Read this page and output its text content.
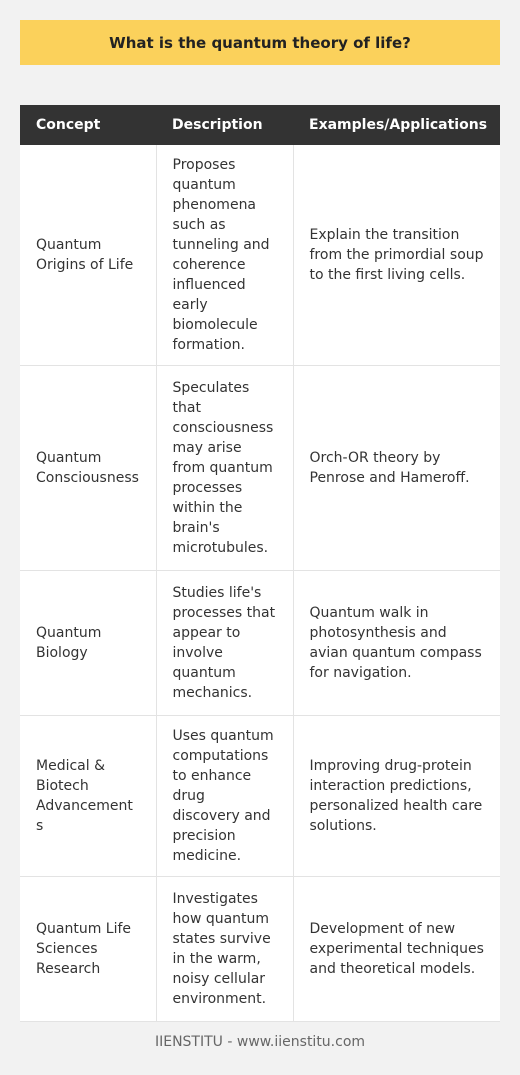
What is the quantum theory of life?
Concept	Description	Examples/Applications
Quantum Origins of Life	Proposes quantum phenomena such as tunneling and coherence influenced early biomolecule formation.	Explain the transition from the primordial soup to the first living cells.
Quantum Consciousness	Speculates that consciousness may arise from quantum processes within the brain's microtubules.	Orch-OR theory by Penrose and Hameroff.
Quantum Biology	Studies life's processes that appear to involve quantum mechanics.	Quantum walk in photosynthesis and avian quantum compass for navigation.
Medical & Biotech Advancements	Uses quantum computations to enhance drug discovery and precision medicine.	Improving drug-protein interaction predictions, personalized health care solutions.
Quantum Life Sciences Research	Investigates how quantum states survive in the warm, noisy cellular environment.	Development of new experimental techniques and theoretical models.
IIENSTITU - www.iienstitu.com
